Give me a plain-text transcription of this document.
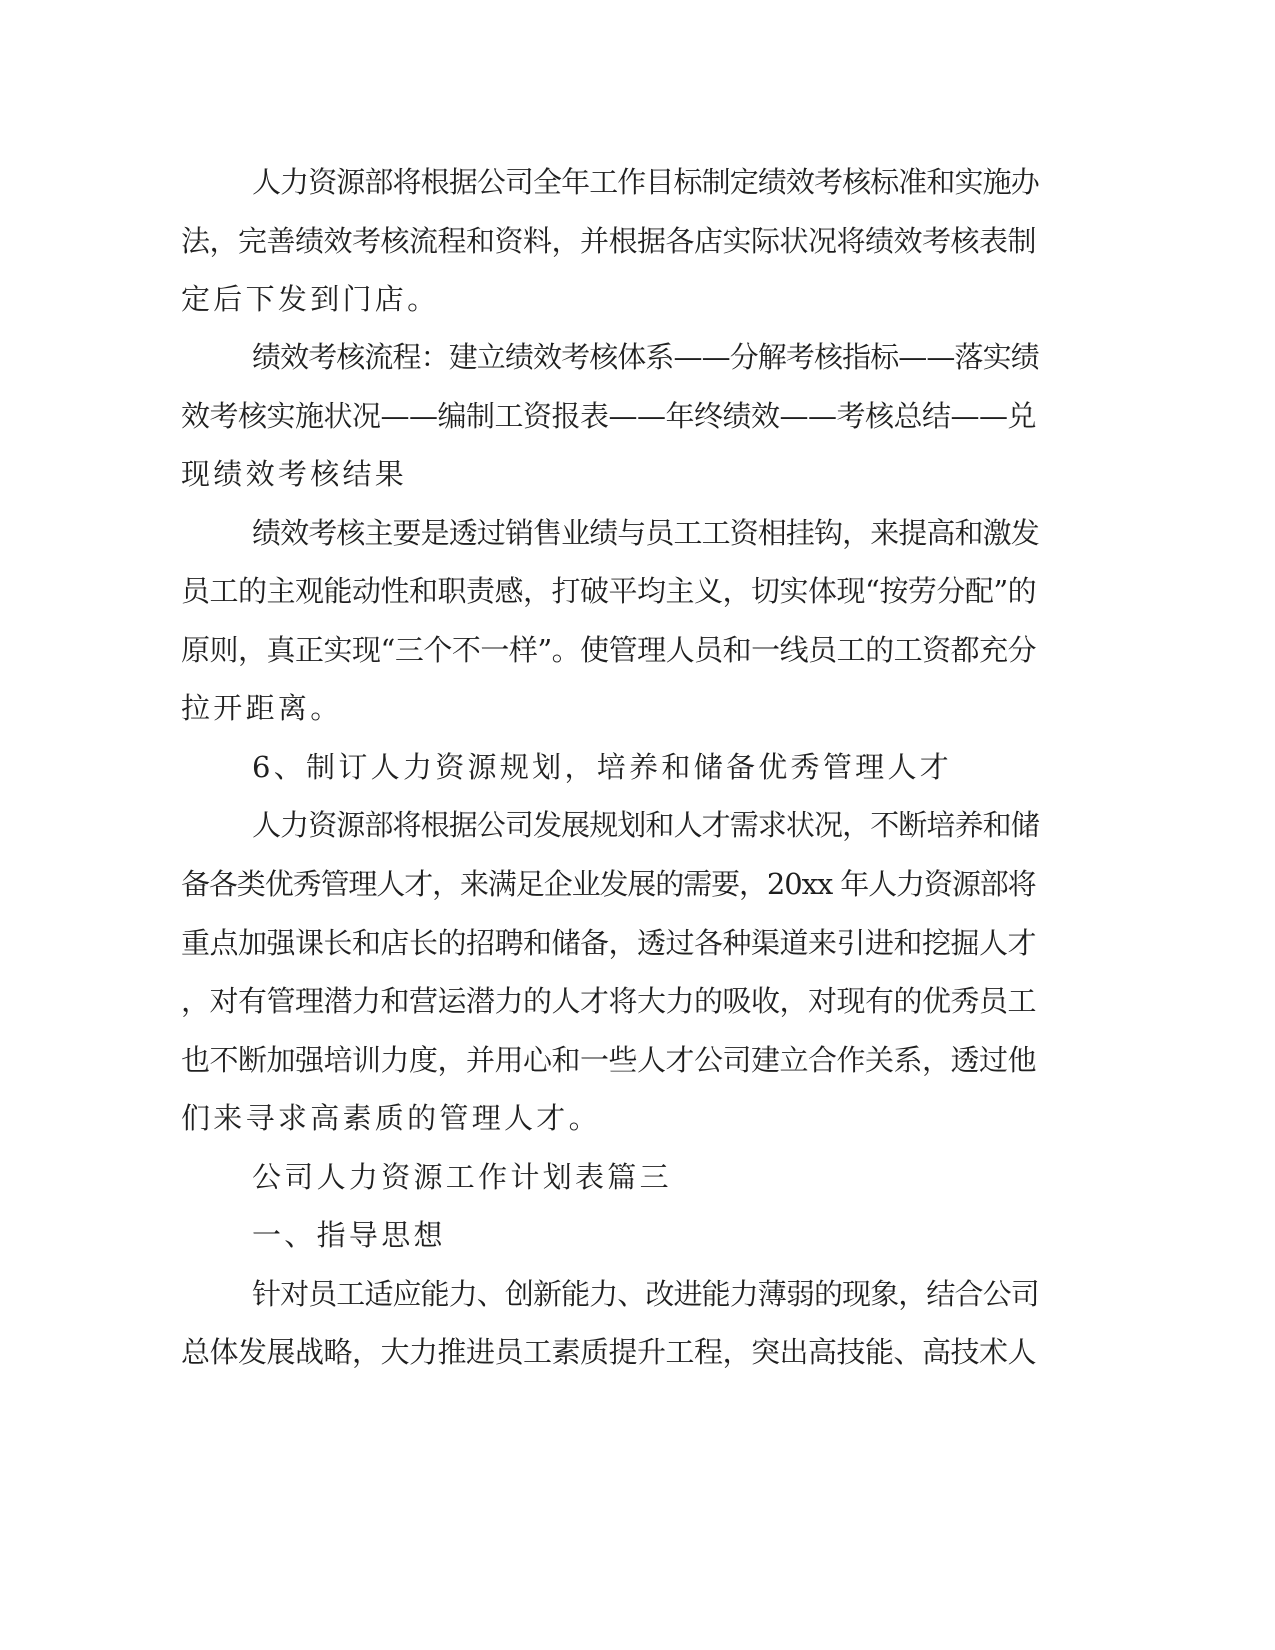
人力资源部将根据公司全年工作目标制定绩效考核标准和实施办

法，完善绩效考核流程和资料，并根据各店实际状况将绩效考核表制

定后下发到门店。

绩效考核流程：建立绩效考核体系——分解考核指标——落实绩

效考核实施状况——编制工资报表——年终绩效——考核总结——兑

现绩效考核结果

绩效考核主要是透过销售业绩与员工工资相挂钩，来提高和激发

员工的主观能动性和职责感，打破平均主义，切实体现“按劳分配”的

原则，真正实现“三个不一样”。使管理人员和一线员工的工资都充分

拉开距离。

6、制订人力资源规划，培养和储备优秀管理人才

人力资源部将根据公司发展规划和人才需求状况，不断培养和储

备各类优秀管理人才，来满足企业发展的需要，20xx 年人力资源部将

重点加强课长和店长的招聘和储备，透过各种渠道来引进和挖掘人才

，对有管理潜力和营运潜力的人才将大力的吸收，对现有的优秀员工

也不断加强培训力度，并用心和一些人才公司建立合作关系，透过他

们来寻求高素质的管理人才。

公司人力资源工作计划表篇三

一、指导思想

针对员工适应能力、创新能力、改进能力薄弱的现象，结合公司

总体发展战略，大力推进员工素质提升工程，突出高技能、高技术人
